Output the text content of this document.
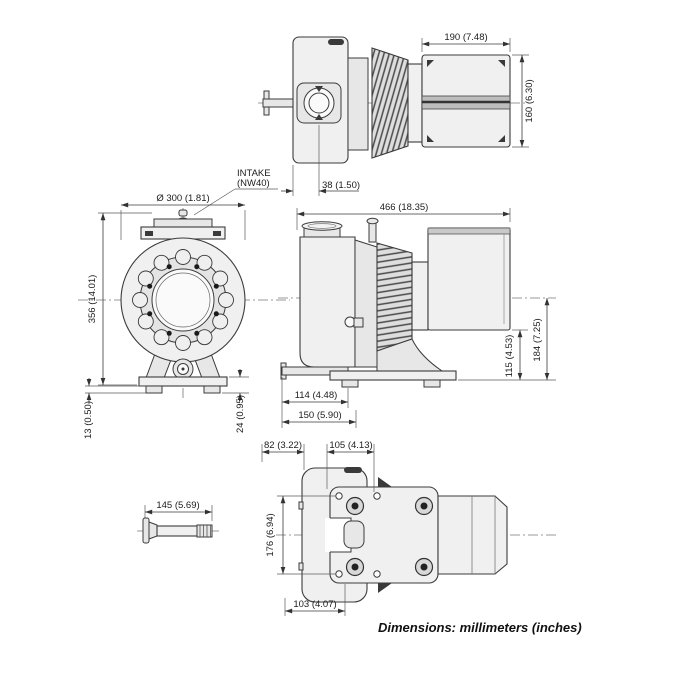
190 (7.48)
160 (6.30)
38 (1.50)
INTAKE
(NW40)
Ø 300 (1.81)
356 (14.01)
13 (0.50)	24 (0.95)
466 (18.35)
115 (4.53) 184 (7.25)
114 (4.48)
150 (5.90)
145 (5.69)
82 (3.22)	105 (4.13)
176 (6.94)
103 (4.07)
Dimensions: millimeters (inches)
